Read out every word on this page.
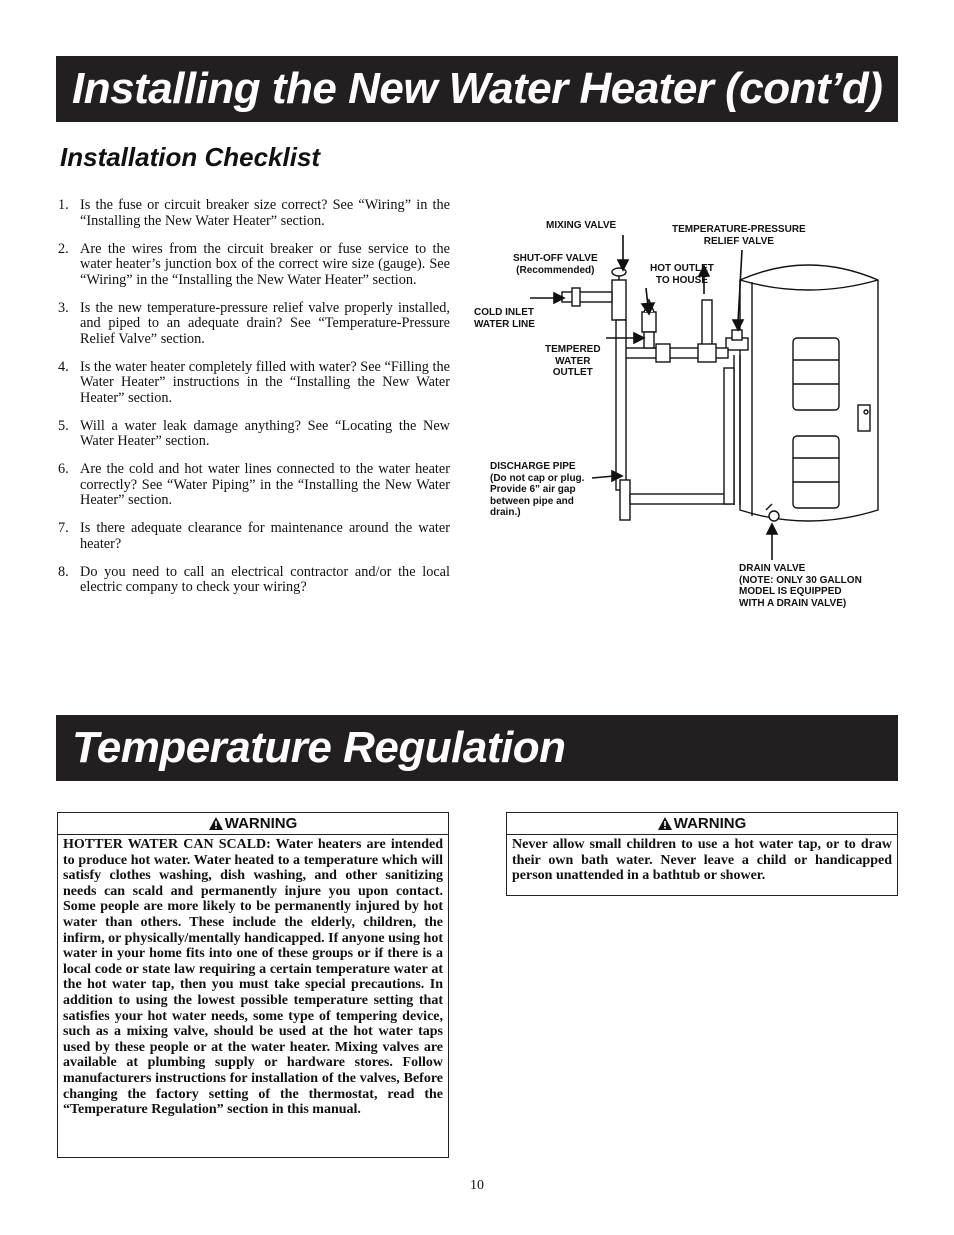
Installing the New Water Heater (cont’d)
Installation Checklist
1. Is the fuse or circuit breaker size correct? See “Wiring” in the “Installing the New Water Heater” section.
2. Are the wires from the circuit breaker or fuse service to the water heater’s junction box of the correct wire size (gauge). See “Wiring” in the “Installing the New Water Heater” section.
3. Is the new temperature-pressure relief valve properly installed, and piped to an adequate drain? See “Temperature-Pressure Relief Valve” section.
4. Is the water heater completely filled with water? See “Filling the Water Heater” instructions in the “Installing the New Water Heater” section.
5. Will a water leak damage anything? See “Locating the New Water Heater” section.
6. Are the cold and hot water lines connected to the water heater correctly? See “Water Piping” in the “Installing the New Water Heater” section.
7. Is there adequate clearance for maintenance around the water heater?
8. Do you need to call an electrical contractor and/or the local electric company to check your wiring?
MIXING VALVE	TEMPERATURE-PRESSURE
RELIEF VALVE
SHUT-OFF VALVE
(Recommended)	HOT OUTLET
TO HOUSE
COLD INLET
WATER LINE
TEMPERED
WATER
OUTLET
DISCHARGE PIPE
(Do not cap or plug.
Provide 6” air gap
between pipe and
drain.)
DRAIN VALVE
(NOTE: ONLY 30 GALLON
MODEL IS EQUIPPED
WITH A DRAIN VALVE)
Temperature Regulation
WARNING
HOTTER WATER CAN SCALD: Water heaters are intended to produce hot water. Water heated to a temperature which will satisfy clothes washing, dish washing, and other sanitizing needs can scald and permanently injure you upon contact. Some people are more likely to be permanently injured by hot water than others. These include the elderly, children, the infirm, or physically/mentally handicapped. If anyone using hot water in your home fits into one of these groups or if there is a local code or state law requiring a certain temperature water at the hot water tap, then you must take special precautions. In addition to using the lowest possible temperature setting that satisfies your hot water needs, some type of tempering device, such as a mixing valve, should be used at the hot water taps used by these people or at the water heater. Mixing valves are available at plumbing supply or hardware stores. Follow manufacturers instructions for installation of the valves, Before changing the factory setting of the thermostat, read the “Temperature Regulation” section in this manual.
WARNING
Never allow small children to use a hot water tap, or to draw their own bath water. Never leave a child or handicapped person unattended in a bathtub or shower.
10
